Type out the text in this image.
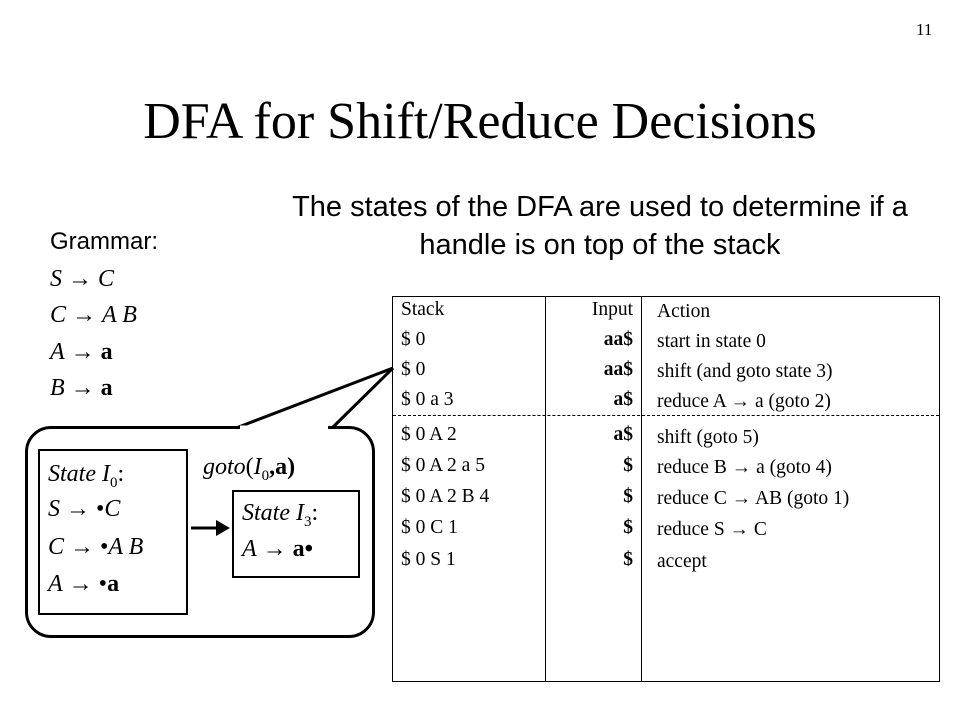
11
DFA for Shift/Reduce Decisions
The states of the DFA are used to determine if a handle is on top of the stack
Grammar:
S → C
C → A B
A → a
B → a
State $I_0$:
S → •C
C → •A B
A → •a
$goto(I_0,a)$
State $I_3$:
A → a•
Stack	Input Action
$ 0	aa$ start in state 0
$ 0	aa$ shift (and goto state 3)
$ 0 a 3	a$ reduce A → a (goto 2)
$ 0 A 2	a$ shift (goto 5)
$ 0 A 2 a 5	$ reduce B → a (goto 4)
$ 0 A 2 B 4	$ reduce C → AB (goto 1)
$ 0 C 1	$ reduce S → C
$ 0 S 1	$ accept
